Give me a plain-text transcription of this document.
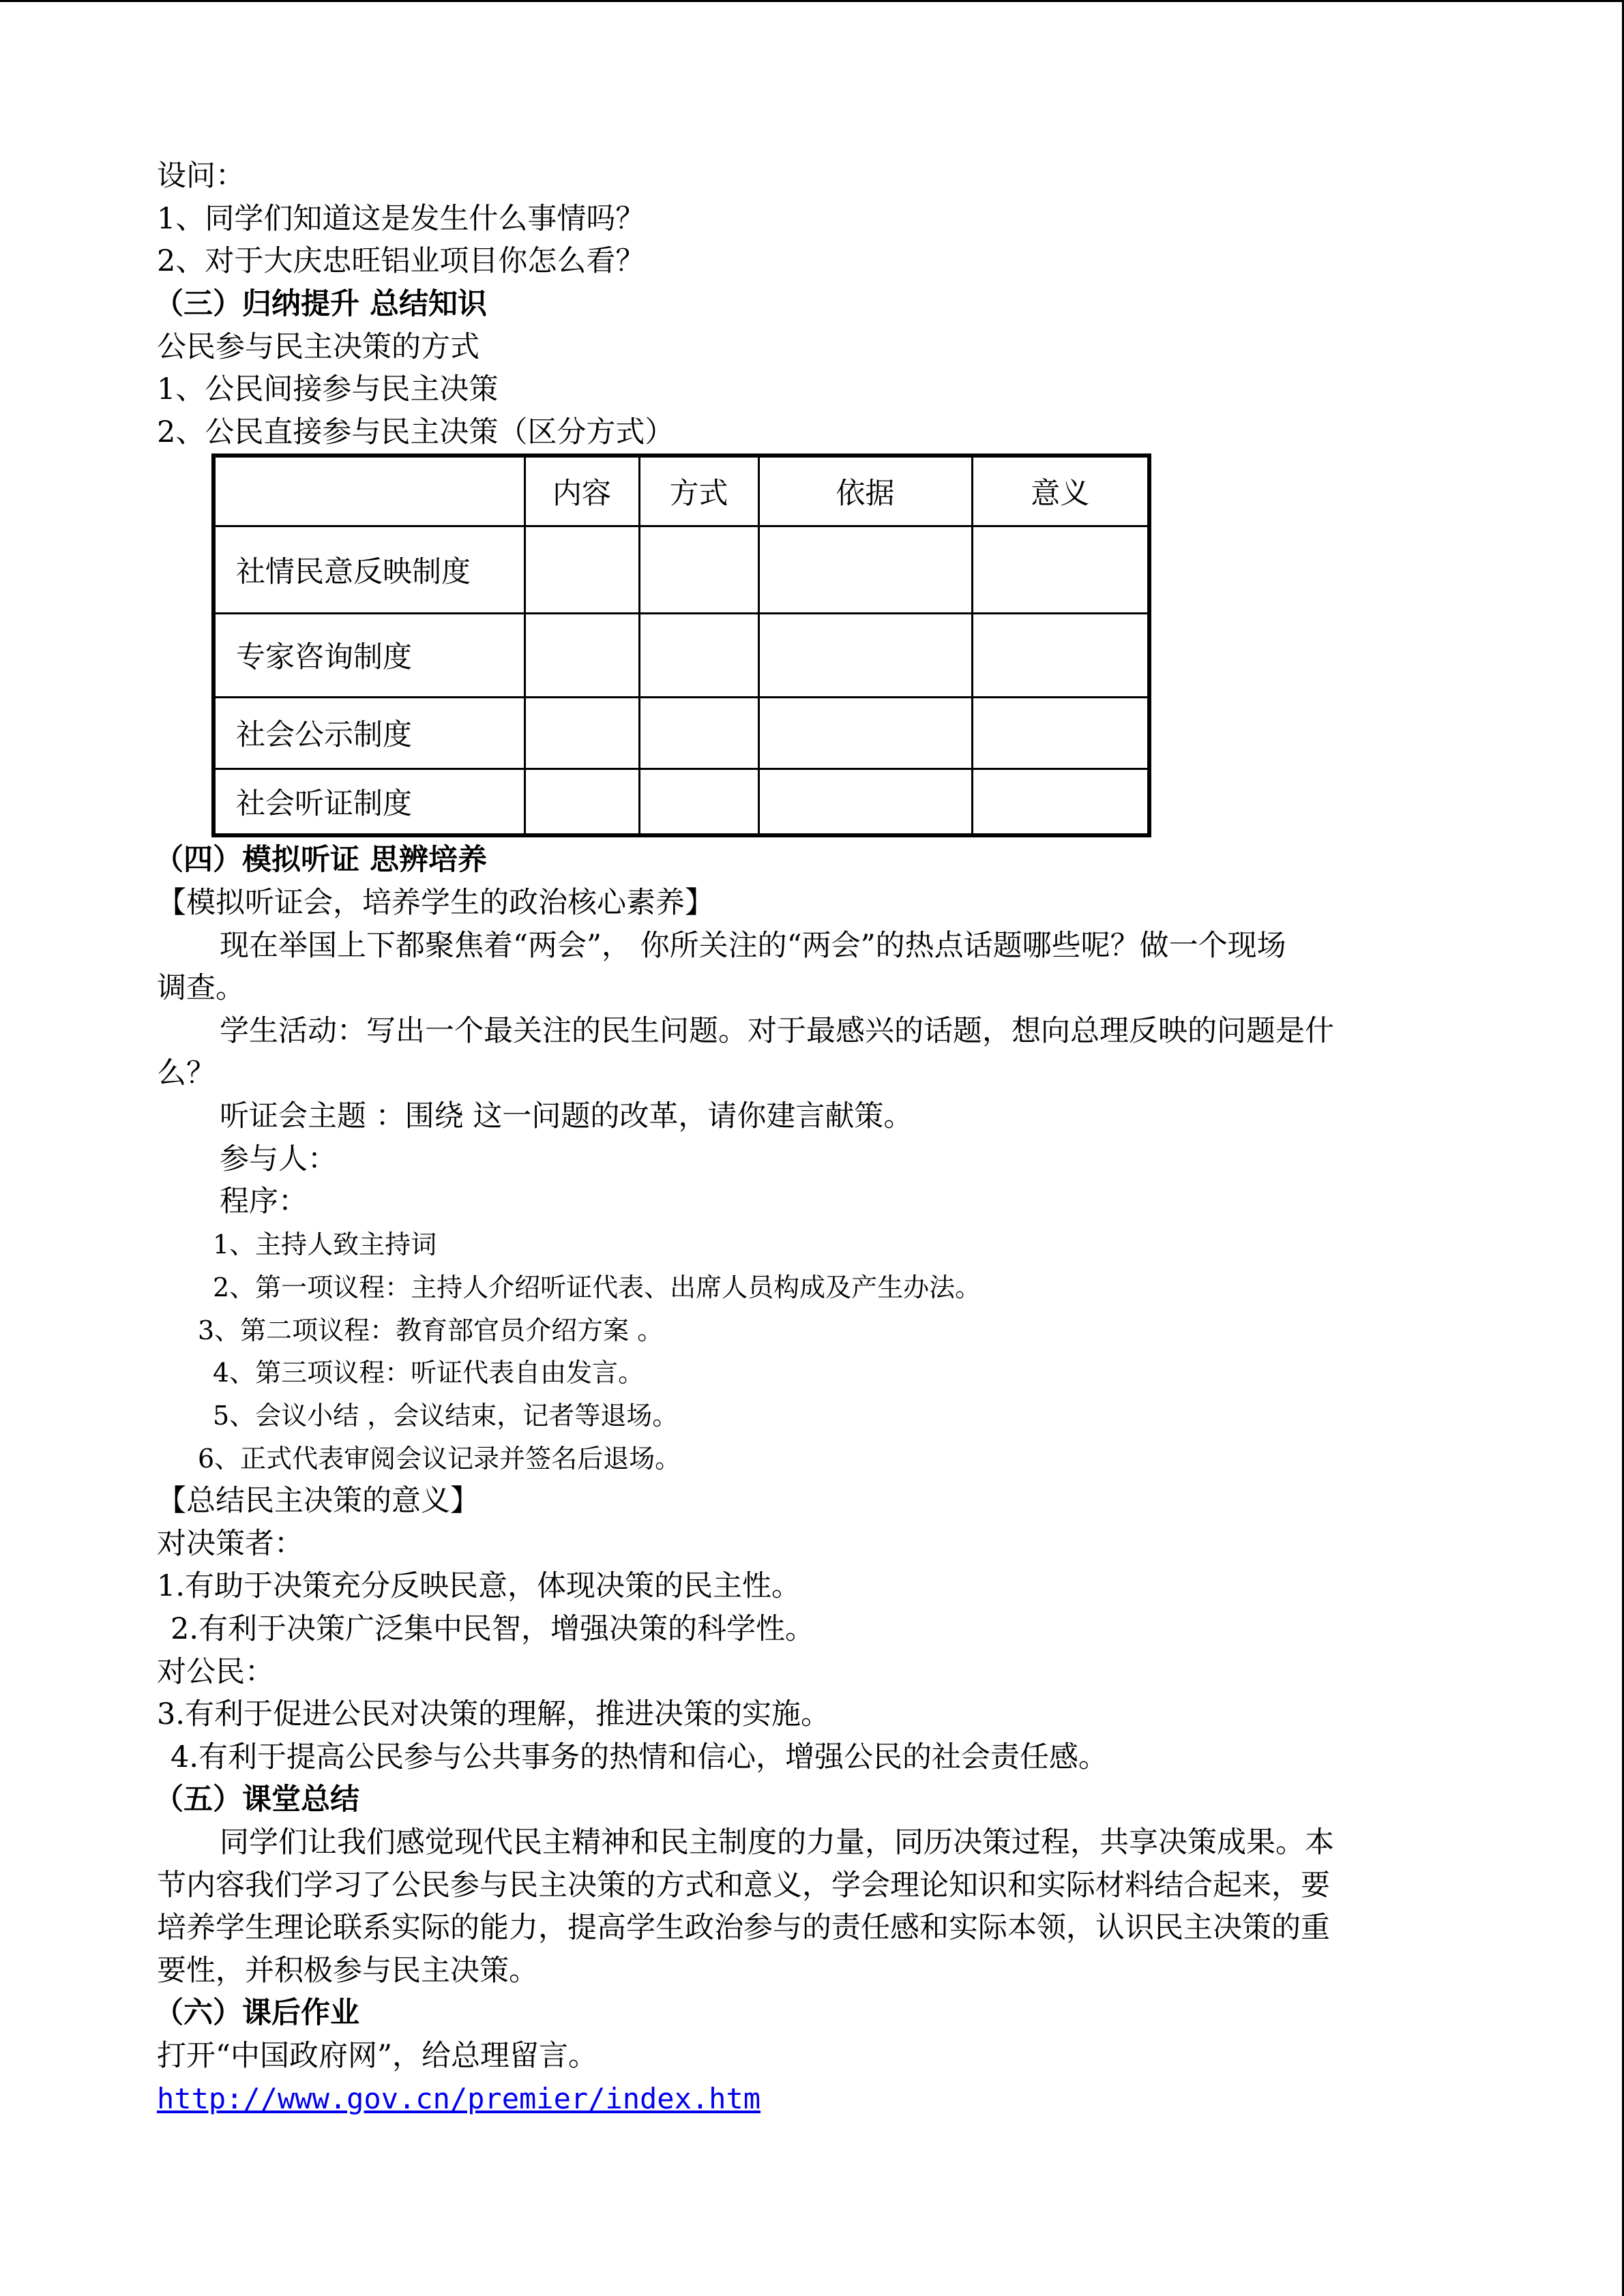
设问：
1、同学们知道这是发生什么事情吗？
2、对于大庆忠旺铝业项目你怎么看？
（三）归纳提升 总结知识
公民参与民主决策的方式
1、公民间接参与民主决策
2、公民直接参与民主决策（区分方式）
	内容	方式	依据	意义
社情民意反映制度				
专家咨询制度				
社会公示制度				
社会听证制度				
（四）模拟听证 思辨培养
【模拟听证会，培养学生的政治核心素养】
现在举国上下都聚焦着“两会”， 你所关注的“两会”的热点话题哪些呢？做一个现场
调查。
学生活动：写出一个最关注的民生问题。对于最感兴的话题，想向总理反映的问题是什
么？
听证会主题 ：围绕 这一问题的改革，请你建言献策。
参与人：
程序：
1、主持人致主持词
2、第一项议程：主持人介绍听证代表、出席人员构成及产生办法。
3、第二项议程：教育部官员介绍方案 。
4、第三项议程：听证代表自由发言。
5、会议小结 ，会议结束，记者等退场。
6、正式代表审阅会议记录并签名后退场。
【总结民主决策的意义】
对决策者：
1.有助于决策充分反映民意，体现决策的民主性。
2.有利于决策广泛集中民智，增强决策的科学性。
对公民：
3.有利于促进公民对决策的理解，推进决策的实施。
4.有利于提高公民参与公共事务的热情和信心，增强公民的社会责任感。
（五）课堂总结
同学们让我们感觉现代民主精神和民主制度的力量，同历决策过程，共享决策成果。本
节内容我们学习了公民参与民主决策的方式和意义，学会理论知识和实际材料结合起来，要
培养学生理论联系实际的能力，提高学生政治参与的责任感和实际本领，认识民主决策的重
要性，并积极参与民主决策。
（六）课后作业
打开“中国政府网”，给总理留言。
http://www.gov.cn/premier/index.htm
